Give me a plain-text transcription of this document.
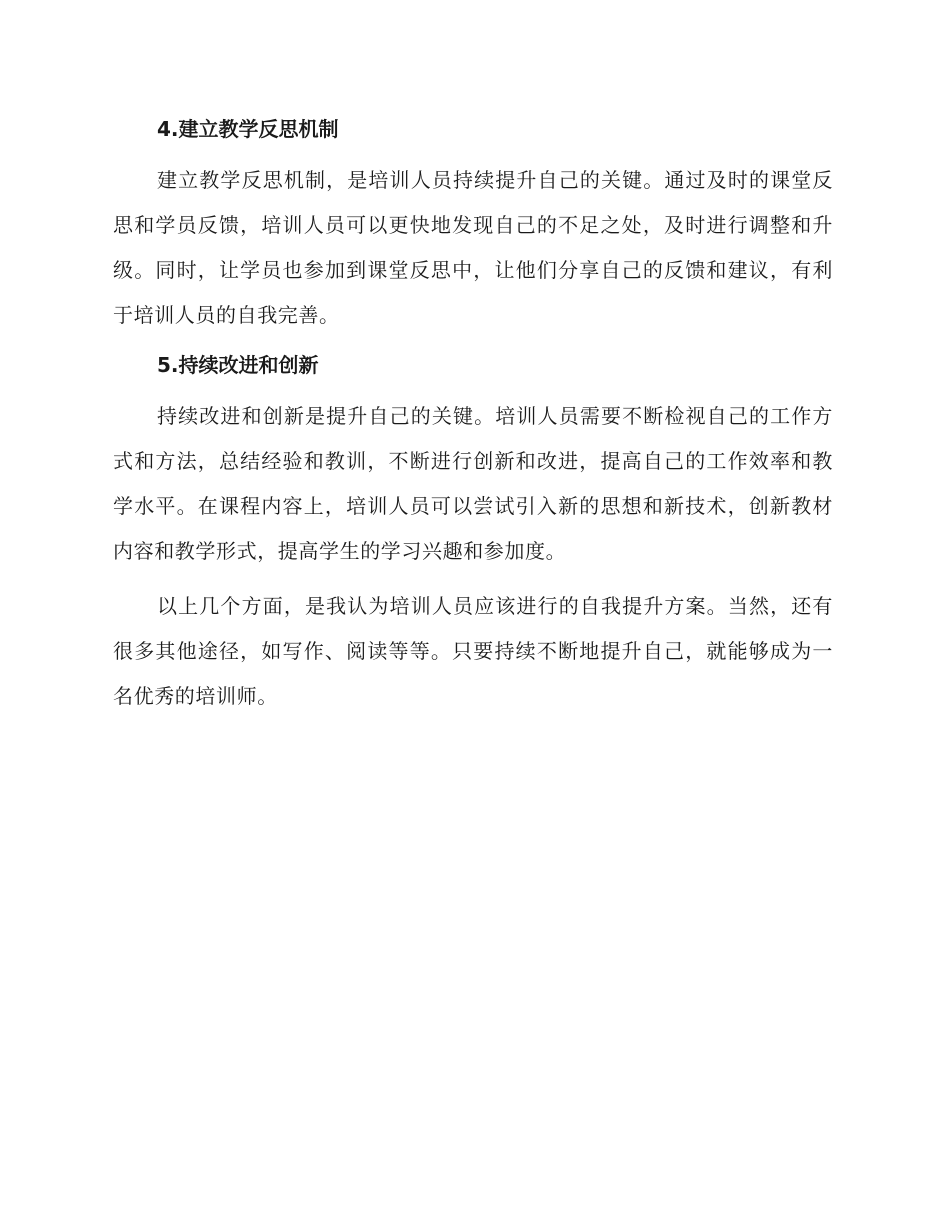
4.建立教学反思机制

建立教学反思机制，是培训人员持续提升自己的关键。通过及时的课堂反思和学员反馈，培训人员可以更快地发现自己的不足之处，及时进行调整和升级。同时，让学员也参加到课堂反思中，让他们分享自己的反馈和建议，有利于培训人员的自我完善。

5.持续改进和创新

持续改进和创新是提升自己的关键。培训人员需要不断检视自己的工作方式和方法，总结经验和教训，不断进行创新和改进，提高自己的工作效率和教学水平。在课程内容上，培训人员可以尝试引入新的思想和新技术，创新教材内容和教学形式，提高学生的学习兴趣和参加度。

以上几个方面，是我认为培训人员应该进行的自我提升方案。当然，还有很多其他途径，如写作、阅读等等。只要持续不断地提升自己，就能够成为一名优秀的培训师。
